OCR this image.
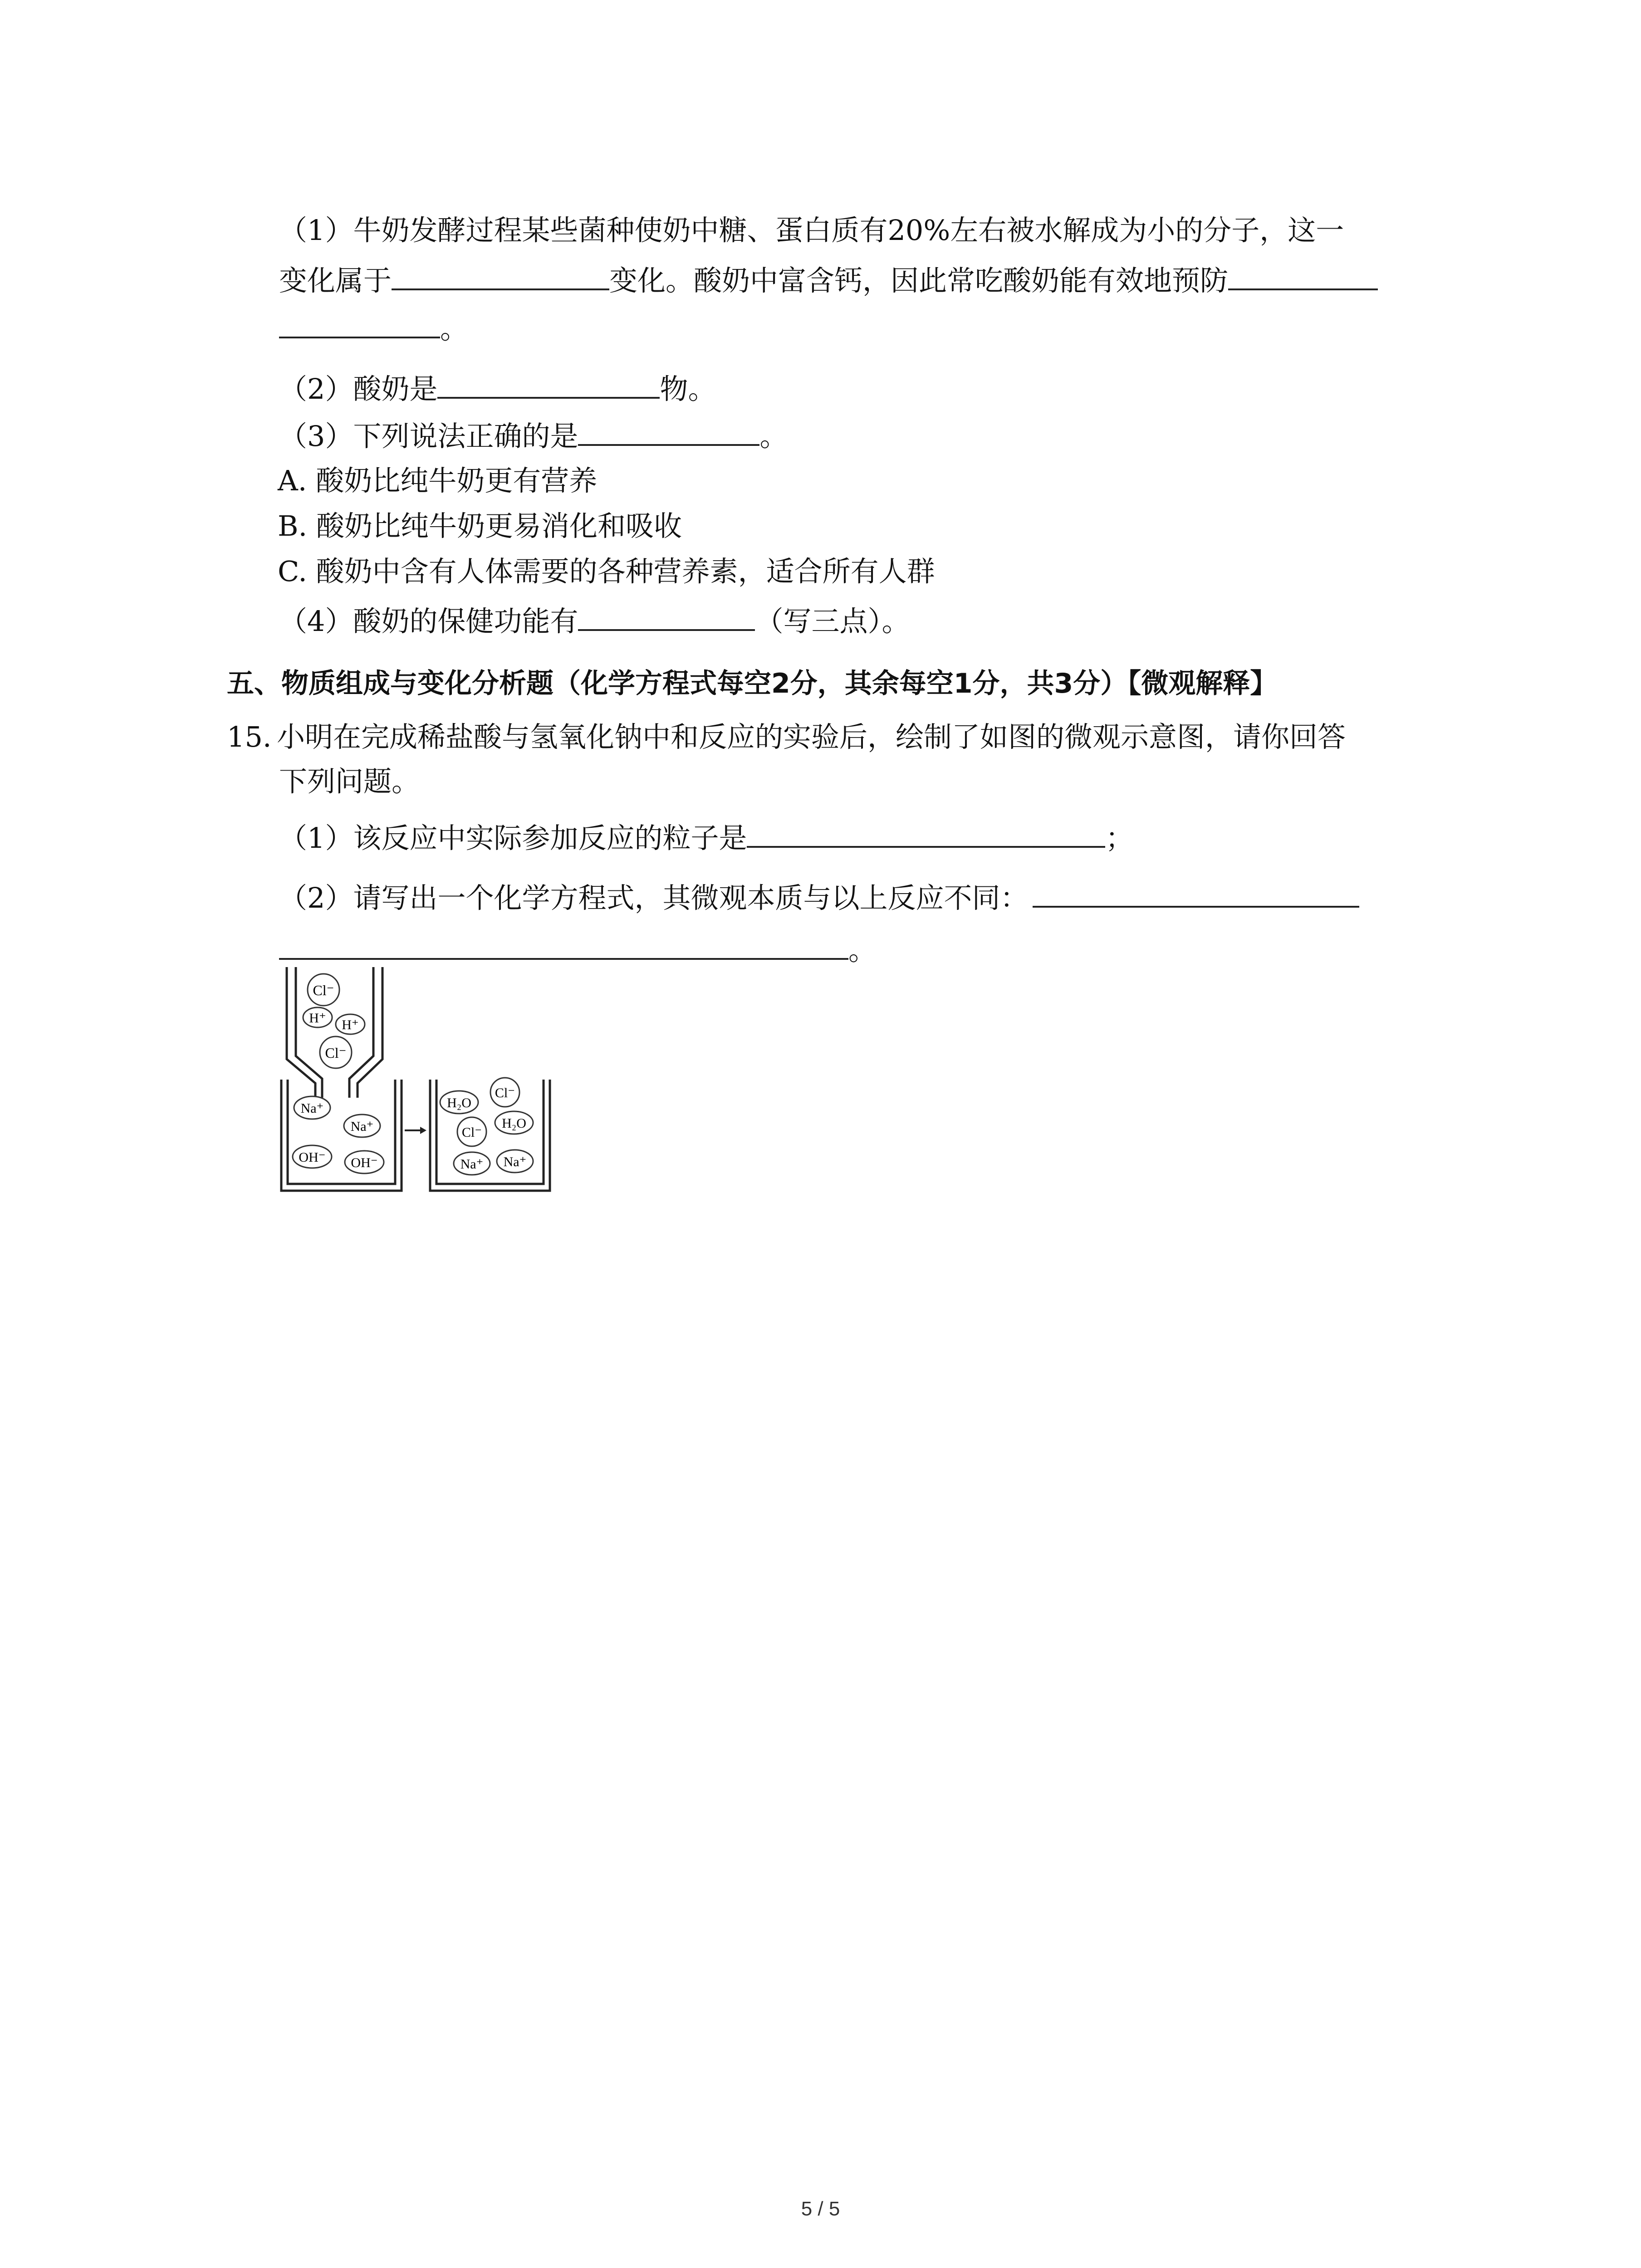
（1）牛奶发酵过程某些菌种使奶中糖、蛋白质有20%左右被水解成为小的分子，这一
变化属于	变化。酸奶中富含钙，因此常吃酸奶能有效地预防
。
（2）酸奶是	物。
（3）下列说法正确的是	。
A. 酸奶比纯牛奶更有营养
B. 酸奶比纯牛奶更易消化和吸收
C. 酸奶中含有人体需要的各种营养素，适合所有人群
（4）酸奶的保健功能有	（写三点）。
五、物质组成与变化分析题（化学方程式每空2分，其余每空1分，共3分）【微观解释】
15. 小明在完成稀盐酸与氢氧化钠中和反应的实验后，绘制了如图的微观示意图，请你回答
下列问题。
（1）该反应中实际参加反应的粒子是	；
（2）请写出一个化学方程式，其微观本质与以上反应不同：
。
Cl⁻
H⁺ H⁺
Cl⁻
Na⁺
Na⁺
OH⁻ OH⁻
H₂O
Cl⁻
Cl⁻
H₂O
Na⁺ Na⁺
5 / 5
